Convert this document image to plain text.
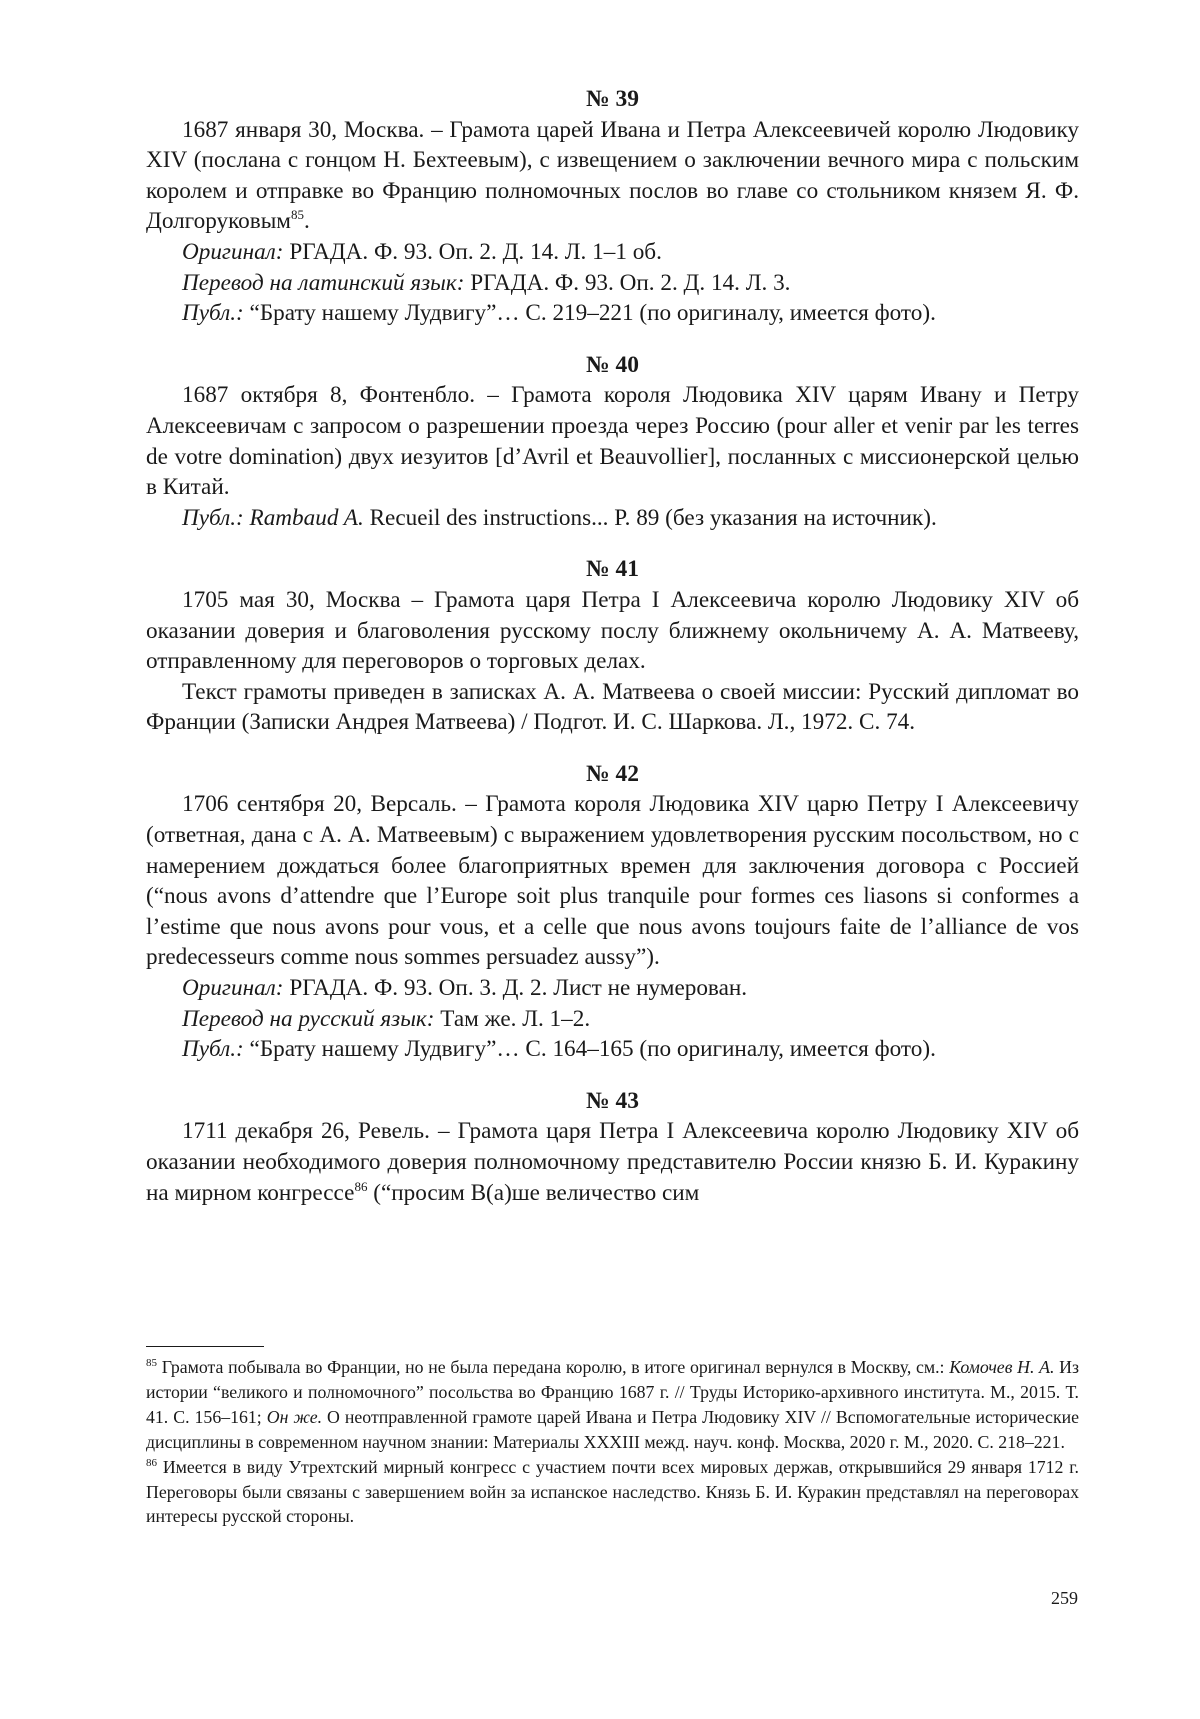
№ 39

1687 января 30, Москва. – Грамота царей Ивана и Петра Алексеевичей королю Людовику XIV (послана с гонцом Н. Бехтеевым), с извещением о заключении вечного мира с польским королем и отправке во Францию полномочных послов во главе со стольником князем Я. Ф. Долгоруковым$^{85}$.

Оригинал: РГАДА. Ф. 93. Оп. 2. Д. 14. Л. 1–1 об.

Перевод на латинский язык: РГАДА. Ф. 93. Оп. 2. Д. 14. Л. 3.

Публ.: “Брату нашему Лудвигу”… С. 219–221 (по оригиналу, имеется фото).

№ 40

1687 октября 8, Фонтенбло. – Грамота короля Людовика XIV царям Ивану и Петру Алексеевичам с запросом о разрешении проезда через Россию (pour aller et venir par les terres de votre domination) двух иезуитов [d’Avril et Beauvollier], посланных с миссионерской целью в Китай.

Публ.: Rambaud A. Recueil des instructions... P. 89 (без указания на источник).

№ 41

1705 мая 30, Москва – Грамота царя Петра I Алексеевича королю Людовику XIV об оказании доверия и благоволения русскому послу ближнему окольничему А. А. Матвееву, отправленному для переговоров о торговых делах.

Текст грамоты приведен в записках А. А. Матвеева о своей миссии: Русский дипломат во Франции (Записки Андрея Матвеева) / Подгот. И. С. Шаркова. Л., 1972. С. 74.

№ 42

1706 сентября 20, Версаль. – Грамота короля Людовика XIV царю Петру I Алексеевичу (ответная, дана с А. А. Матвеевым) с выражением удовлетворения русским посольством, но с намерением дождаться более благоприятных времен для заключения договора с Россией (“nous avons d’attendre que l’Europe soit plus tranquile pour formes ces liasons si conformes a l’estime que nous avons pour vous, et a celle que nous avons toujours faite de l’alliance de vos predecesseurs comme nous sommes persuadez aussy”).

Оригинал: РГАДА. Ф. 93. Оп. 3. Д. 2. Лист не нумерован.

Перевод на русский язык: Там же. Л. 1–2.

Публ.: “Брату нашему Лудвигу”… С. 164–165 (по оригиналу, имеется фото).

№ 43

1711 декабря 26, Ревель. – Грамота царя Петра I Алексеевича королю Людовику XIV об оказании необходимого доверия полномочному представителю России князю Б. И. Куракину на мирном конгрессе$^{86}$ (“просим В(а)ше величество сим

$^{85}$ Грамота побывала во Франции, но не была передана королю, в итоге оригинал вернулся в Москву, см.: Комочев Н. А. Из истории “великого и полномочного” посольства во Францию 1687 г. // Труды Историко-архивного института. М., 2015. Т. 41. С. 156–161; Он же. О неотправленной грамоте царей Ивана и Петра Людовику XIV // Вспомогательные исторические дисциплины в современном научном знании: Материалы XXXIII межд. науч. конф. Москва, 2020 г. М., 2020. С. 218–221.

$^{86}$ Имеется в виду Утрехтский мирный конгресс с участием почти всех мировых держав, открывшийся 29 января 1712 г. Переговоры были связаны с завершением войн за испанское наследство. Князь Б. И. Куракин представлял на переговорах интересы русской стороны.

259
